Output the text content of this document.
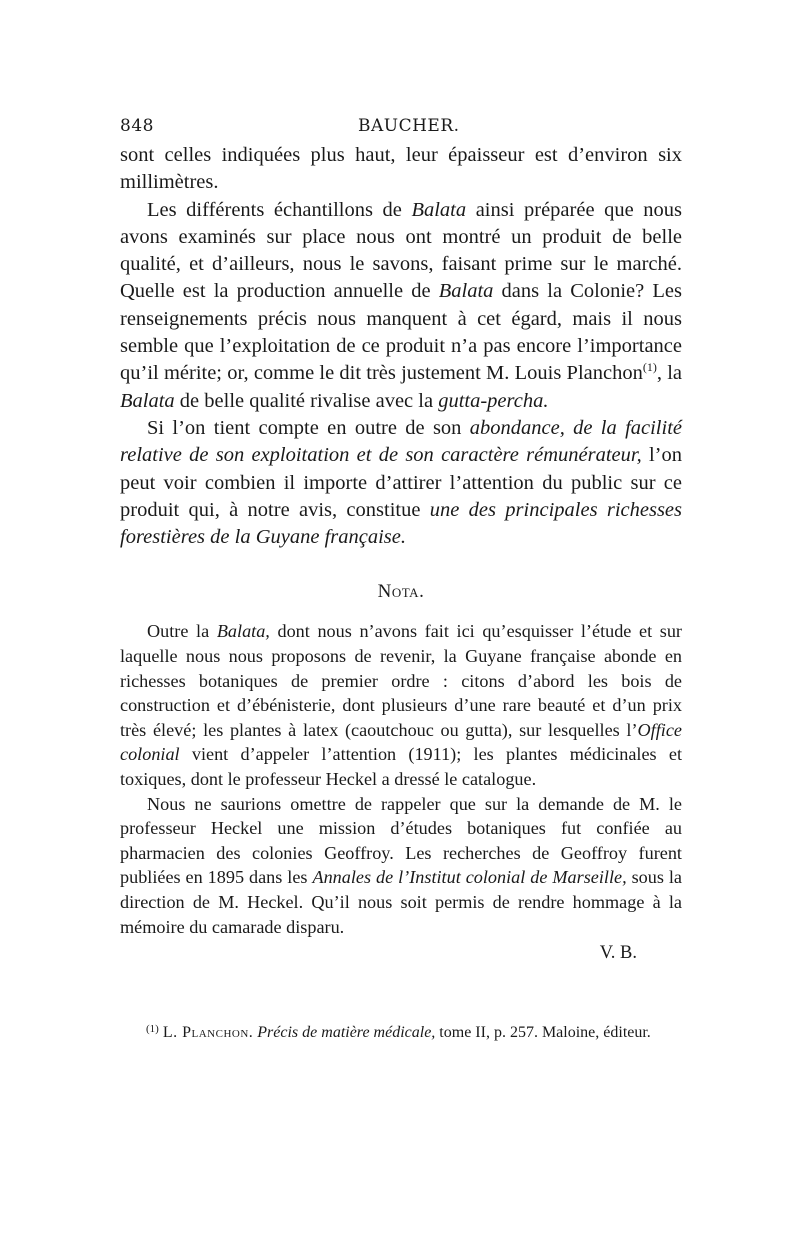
848	BAUCHER.

sont celles indiquées plus haut, leur épaisseur est d’environ six millimètres.

Les différents échantillons de Balata ainsi préparée que nous avons examinés sur place nous ont montré un produit de belle qualité, et d’ailleurs, nous le savons, faisant prime sur le marché. Quelle est la production annuelle de Balata dans la Colonie? Les renseignements précis nous manquent à cet égard, mais il nous semble que l’exploitation de ce produit n’a pas encore l’importance qu’il mérite; or, comme le dit très justement M. Louis Planchon$^{(1)}$, la Balata de belle qualité rivalise avec la gutta-percha.

Si l’on tient compte en outre de son abondance, de la facilité relative de son exploitation et de son caractère rémunérateur, l’on peut voir combien il importe d’attirer l’attention du public sur ce produit qui, à notre avis, constitue une des principales richesses forestières de la Guyane française.

Nota.

Outre la Balata, dont nous n’avons fait ici qu’esquisser l’étude et sur laquelle nous nous proposons de revenir, la Guyane française abonde en richesses botaniques de premier ordre : citons d’abord les bois de construction et d’ébénisterie, dont plusieurs d’une rare beauté et d’un prix très élevé; les plantes à latex (caoutchouc ou gutta), sur lesquelles l’Office colonial vient d’appeler l’attention (1911); les plantes médicinales et toxiques, dont le professeur Heckel a dressé le catalogue.

Nous ne saurions omettre de rappeler que sur la demande de M. le professeur Heckel une mission d’études botaniques fut confiée au pharmacien des colonies Geoffroy. Les recherches de Geoffroy furent publiées en 1895 dans les Annales de l’Institut colonial de Marseille, sous la direction de M. Heckel. Qu’il nous soit permis de rendre hommage à la mémoire du camarade disparu.

V. B.
$^{(1)}$ L. Planchon. Précis de matière médicale, tome II, p. 257. Maloine, éditeur.
